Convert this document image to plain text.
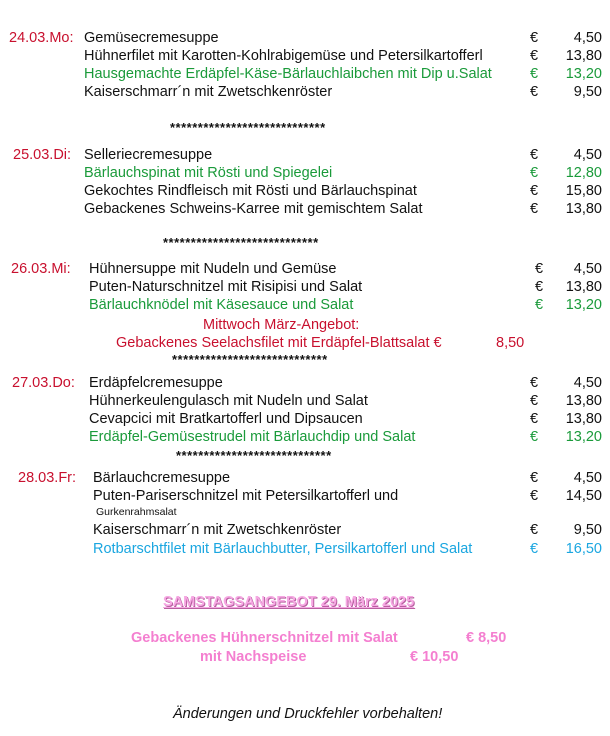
24.03.Mo: Gemüsecremesuppe	€	4,50
Hühnerfilet mit Karotten-Kohlrabigemüse und Petersilkartofferl	€	13,80
Hausgemachte Erdäpfel-Käse-Bärlauchlaibchen mit Dip u.Salat	€	13,20
Kaiserschmarr´n mit Zwetschkenröster	€	9,50
****************************
25.03.Di: Selleriecremesuppe	€	4,50
Bärlauchspinat mit Rösti und Spiegelei	€	12,80
Gekochtes Rindfleisch mit Rösti und Bärlauchspinat	€	15,80
Gebackenes Schweins-Karree mit gemischtem Salat	€	13,80
****************************
26.03.Mi: Hühnersuppe mit Nudeln und Gemüse	€	4,50
Puten-Naturschnitzel mit Risipisi und Salat	€	13,80
Bärlauchknödel mit Käsesauce und Salat	€	13,20
Mittwoch März-Angebot:
Gebackenes Seelachsfilet mit Erdäpfel-Blattsalat €	8,50
****************************
27.03.Do: Erdäpfelcremesuppe	€	4,50
Hühnerkeulengulasch mit Nudeln und Salat	€	13,80
Cevapcici mit Bratkartofferl und Dipsaucen	€	13,80
Erdäpfel-Gemüsestrudel mit Bärlauchdip und Salat	€	13,20
****************************
28.03.Fr: Bärlauchcremesuppe	€	4,50
Puten-Pariserschnitzel mit Petersilkartofferl und	€	14,50
Gurkenrahmsalat
Kaiserschmarr´n mit Zwetschkenröster	€	9,50
Rotbarschtfilet mit Bärlauchbutter, Persilkartofferl und Salat	€	16,50
SAMSTAGSANGEBOT 29. März 2025
Gebackenes Hühnerschnitzel mit Salat	€ 8,50
mit Nachspeise	€ 10,50
Änderungen und Druckfehler vorbehalten!
